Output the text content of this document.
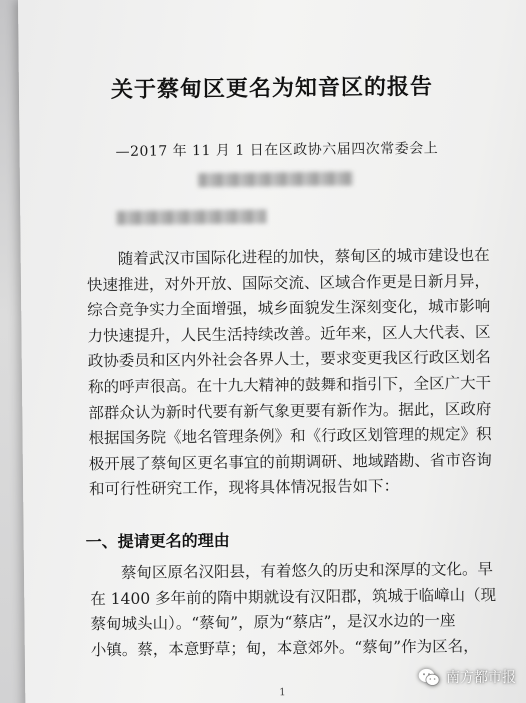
关于蔡甸区更名为知音区的报告
—2017 年 11 月 1 日在区政协六届四次常委会上
随着武汉市国际化进程的加快，蔡甸区的城市建设也在
快速推进，对外开放、国际交流、区域合作更是日新月异，
综合竞争实力全面增强，城乡面貌发生深刻变化，城市影响
力快速提升，人民生活持续改善。近年来，区人大代表、区
政协委员和区内外社会各界人士，要求变更我区行政区划名
称的呼声很高。在十九大精神的鼓舞和指引下，全区广大干
部群众认为新时代要有新气象更要有新作为。据此，区政府
根据国务院《地名管理条例》和《行政区划管理的规定》积
极开展了蔡甸区更名事宜的前期调研、地域踏勘、省市咨询
和可行性研究工作，现将具体情况报告如下：
一、提请更名的理由
蔡甸区原名汉阳县，有着悠久的历史和深厚的文化。早
在 1400 多年前的隋中期就设有汉阳郡，筑城于临嶂山（现
蔡甸城头山）。“蔡甸”，原为“蔡店”，是汉水边的一座
小镇。蔡，本意野草；甸，本意郊外。“蔡甸”作为区名，
1
南方都市报
